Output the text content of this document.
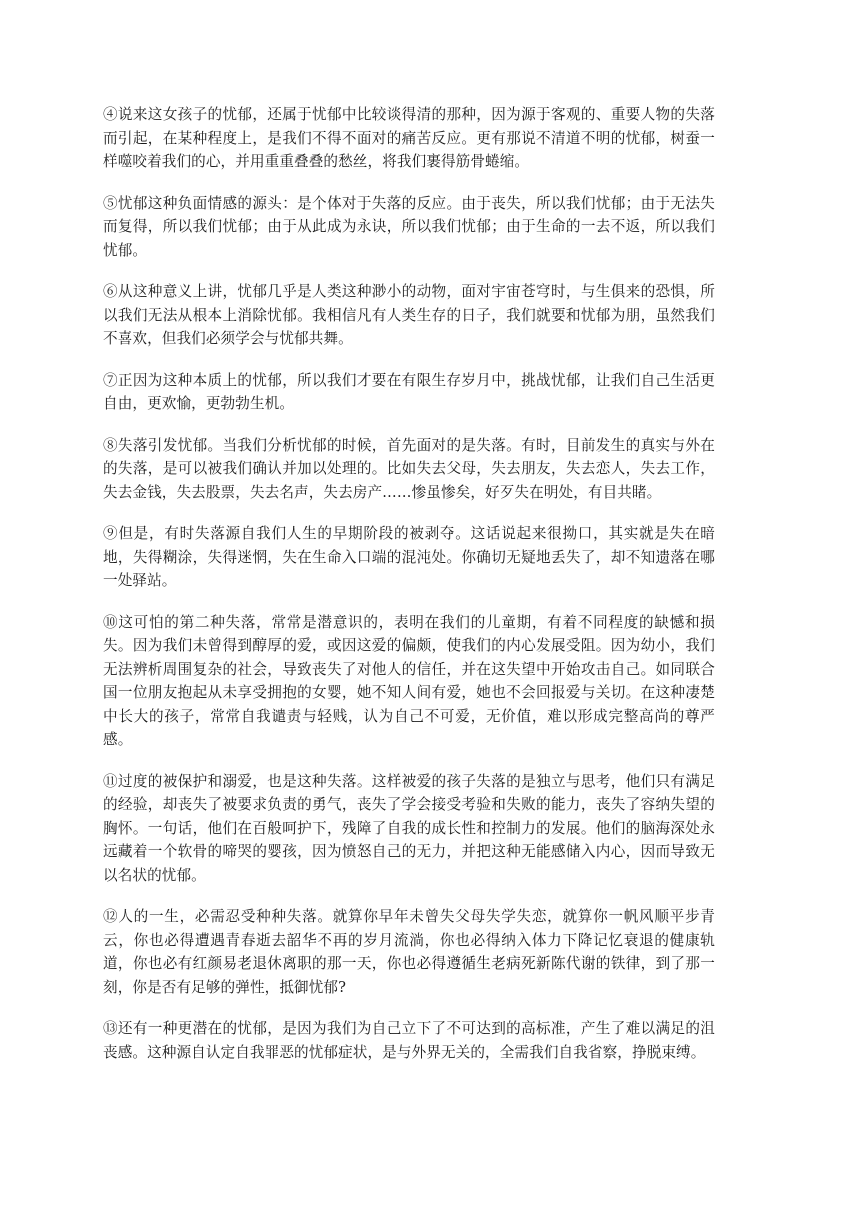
④说来这女孩子的忧郁，还属于忧郁中比较谈得清的那种，因为源于客观的、重要人物的失落而引起，在某种程度上，是我们不得不面对的痛苦反应。更有那说不清道不明的忧郁，树蚕一样噬咬着我们的心，并用重重叠叠的愁丝，将我们裹得筋骨蜷缩。

⑤忧郁这种负面情感的源头：是个体对于失落的反应。由于丧失，所以我们忧郁；由于无法失而复得，所以我们忧郁；由于从此成为永诀，所以我们忧郁；由于生命的一去不返，所以我们忧郁。

⑥从这种意义上讲，忧郁几乎是人类这种渺小的动物，面对宇宙苍穹时，与生俱来的恐惧，所以我们无法从根本上消除忧郁。我相信凡有人类生存的日子，我们就要和忧郁为朋，虽然我们不喜欢，但我们必须学会与忧郁共舞。

⑦正因为这种本质上的忧郁，所以我们才要在有限生存岁月中，挑战忧郁，让我们自己生活更自由，更欢愉，更勃勃生机。

⑧失落引发忧郁。当我们分析忧郁的时候，首先面对的是失落。有时，目前发生的真实与外在的失落，是可以被我们确认并加以处理的。比如失去父母，失去朋友，失去恋人，失去工作，失去金钱，失去股票，失去名声，失去房产……惨虽惨矣，好歹失在明处，有目共睹。

⑨但是，有时失落源自我们人生的早期阶段的被剥夺。这话说起来很拗口，其实就是失在暗地，失得糊涂，失得迷惘，失在生命入口端的混沌处。你确切无疑地丢失了，却不知遗落在哪一处驿站。

⑩这可怕的第二种失落，常常是潜意识的，表明在我们的儿童期，有着不同程度的缺憾和损失。因为我们未曾得到醇厚的爱，或因这爱的偏颇，使我们的内心发展受阻。因为幼小，我们无法辨析周围复杂的社会，导致丧失了对他人的信任，并在这失望中开始攻击自己。如同联合国一位朋友抱起从未享受拥抱的女婴，她不知人间有爱，她也不会回报爱与关切。在这种凄楚中长大的孩子，常常自我谴责与轻贱，认为自己不可爱，无价值，难以形成完整高尚的尊严感。

⑪过度的被保护和溺爱，也是这种失落。这样被爱的孩子失落的是独立与思考，他们只有满足的经验，却丧失了被要求负责的勇气，丧失了学会接受考验和失败的能力，丧失了容纳失望的胸怀。一句话，他们在百般呵护下，残障了自我的成长性和控制力的发展。他们的脑海深处永远藏着一个软骨的啼哭的婴孩，因为愤怒自己的无力，并把这种无能感储入内心，因而导致无以名状的忧郁。

⑫人的一生，必需忍受种种失落。就算你早年未曾失父母失学失恋，就算你一帆风顺平步青云，你也必得遭遇青春逝去韶华不再的岁月流淌，你也必得纳入体力下降记忆衰退的健康轨道，你也必有红颜易老退休离职的那一天，你也必得遵循生老病死新陈代谢的铁律，到了那一刻，你是否有足够的弹性，抵御忧郁?

⑬还有一种更潜在的忧郁，是因为我们为自己立下了不可达到的高标准，产生了难以满足的沮丧感。这种源自认定自我罪恶的忧郁症状，是与外界无关的，全需我们自我省察，挣脱束缚。
